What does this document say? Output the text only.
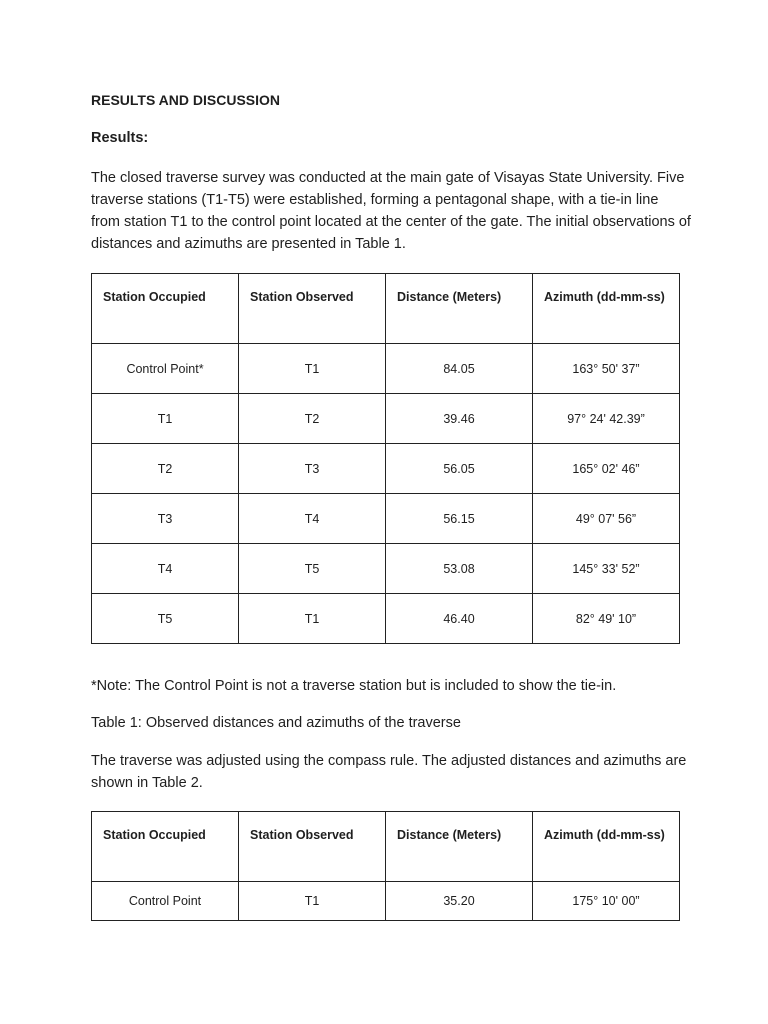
RESULTS AND DISCUSSION
Results:

The closed traverse survey was conducted at the main gate of Visayas State University. Five traverse stations (T1-T5) were established, forming a pentagonal shape, with a tie-in line from station T1 to the control point located at the center of the gate. The initial observations of distances and azimuths are presented in Table 1.

Station Occupied	Station Observed	Distance (Meters)	Azimuth (dd-mm-ss)
Control Point*	T1	84.05	163° 50' 37”
T1	T2	39.46	97° 24' 42.39”
T2	T3	56.05	165° 02' 46”
T3	T4	56.15	49° 07' 56”
T4	T5	53.08	145° 33' 52”
T5	T1	46.40	82° 49' 10”

*Note: The Control Point is not a traverse station but is included to show the tie-in.

Table 1: Observed distances and azimuths of the traverse

The traverse was adjusted using the compass rule. The adjusted distances and azimuths are shown in Table 2.

Station Occupied	Station Observed	Distance (Meters)	Azimuth (dd-mm-ss)
Control Point	T1	35.20	175° 10' 00”
